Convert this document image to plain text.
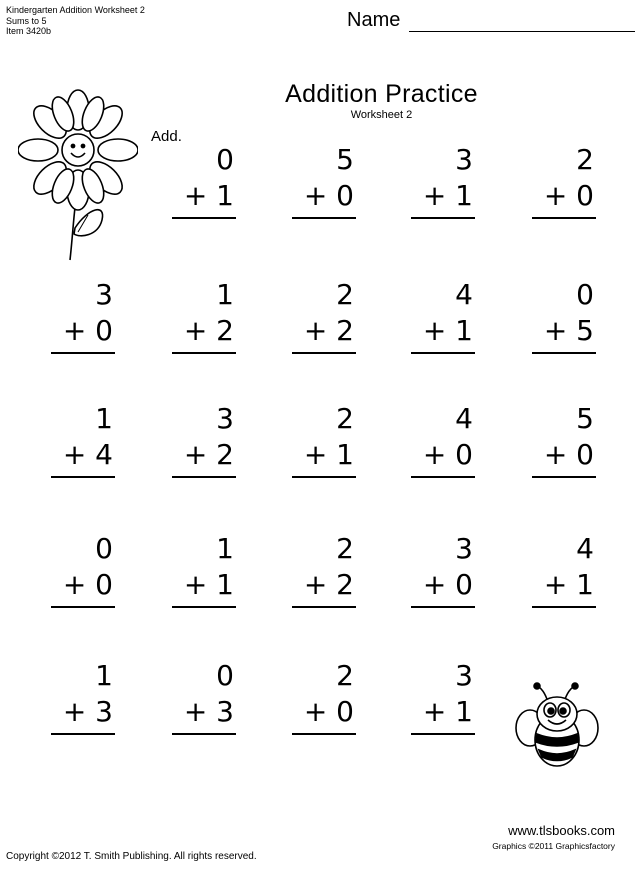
Kindergarten Addition Worksheet 2
Sums to 5
Item 3420b	Name
Addition Practice
Worksheet 2
Add.
0
+ 1
5
+ 0
3
+ 1
2
+ 0
3
+ 0
1
+ 2
2
+ 2
4
+ 1
0
+ 5
1
+ 4
3
+ 2
2
+ 1
4
+ 0
5
+ 0
0
+ 0
1
+ 1
2
+ 2
3
+ 0
4
+ 1
1
+ 3
0
+ 3
2
+ 0
3
+ 1
Copyright ©2012 T. Smith Publishing. All rights reserved.
www.tlsbooks.com
Graphics ©2011 Graphicsfactory
